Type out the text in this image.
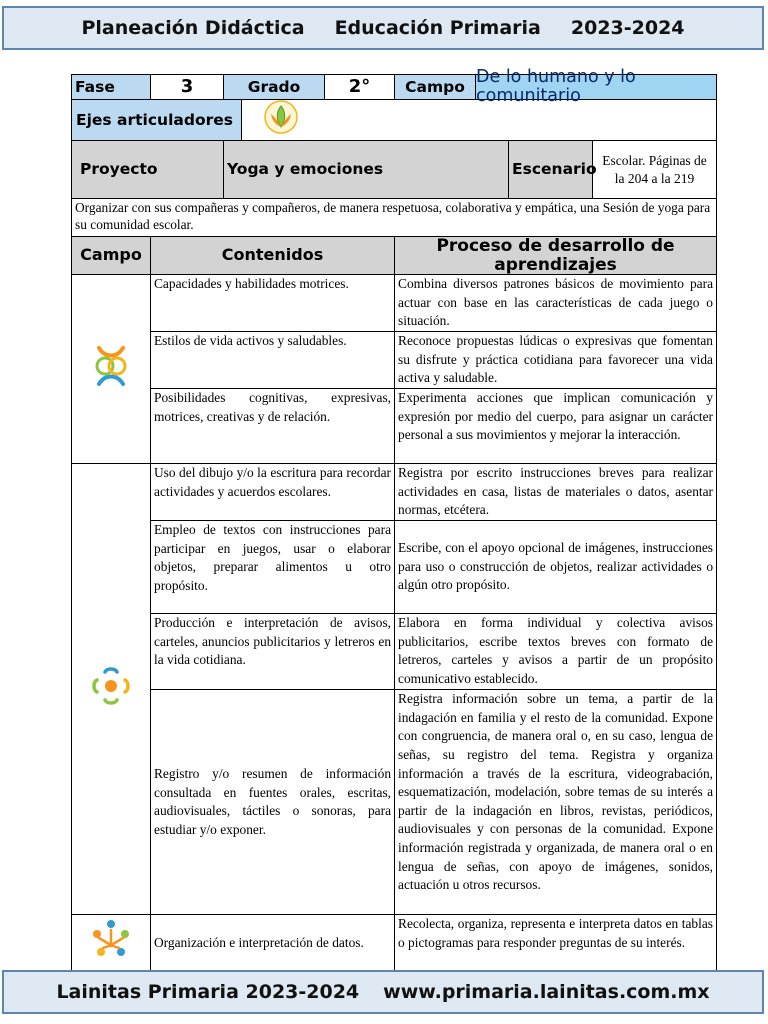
Planeación Didáctica Educación Primaria 2023-2024
Fase	3	Grado	2°	Campo De lo humano y lo comunitario		

Ejes articuladores						

Proyecto		Yoga y emociones			Escenario	Escolar. Páginas de la 204 a la 219

Organizar con sus compañeras y compañeros, de manera respetuosa, colaborativa y empática, una Sesión de yoga para su comunidad escolar.						
Campo	Contenidos			Proceso de desarrollo de aprendizajes		
	Capacidades y habilidades motrices.			Combina diversos patrones básicos de movimiento para actuar con base en las características de cada juego o situación.		
	Estilos de vida activos y saludables.			Reconoce propuestas lúdicas o expresivas que fomentan su disfrute y práctica cotidiana para favorecer una vida activa y saludable.		
	Posibilidades cognitivas, expresivas, motrices, creativas y de relación.			Experimenta acciones que implican comunicación y expresión por medio del cuerpo, para asignar un carácter personal a sus movimientos y mejorar la interacción.		
	Uso del dibujo y/o la escritura para recordar actividades y acuerdos escolares.			Registra por escrito instrucciones breves para realizar actividades en casa, listas de materiales o datos, asentar normas, etcétera.		
	Empleo de textos con instrucciones para participar en juegos, usar o elaborar objetos, preparar alimentos u otro propósito.			Escribe, con el apoyo opcional de imágenes, instrucciones para uso o construcción de objetos, realizar actividades o algún otro propósito.		
	Producción e interpretación de avisos, carteles, anuncios publicitarios y letreros en la vida cotidiana.			Elabora en forma individual y colectiva avisos publicitarios, escribe textos breves con formato de letreros, carteles y avisos a partir de un propósito comunicativo establecido.		
	Registro y/o resumen de información consultada en fuentes orales, escritas, audiovisuales, táctiles o sonoras, para estudiar y/o exponer.			Registra información sobre un tema, a partir de la indagación en familia y el resto de la comunidad. Expone con congruencia, de manera oral o, en su caso, lengua de señas, su registro del tema. Registra y organiza información a través de la escritura, videograbación, esquematización, modelación, sobre temas de su interés a partir de la indagación en libros, revistas, periódicos, audiovisuales y con personas de la comunidad. Expone información registrada y organizada, de manera oral o en lengua de señas, con apoyo de imágenes, sonidos, actuación u otros recursos.		
	Organización e interpretación de datos.			Recolecta, organiza, representa e interpreta datos en tablas o pictogramas para responder preguntas de su interés.		
Lainitas Primaria 2023-2024 www.primaria.lainitas.com.mx
